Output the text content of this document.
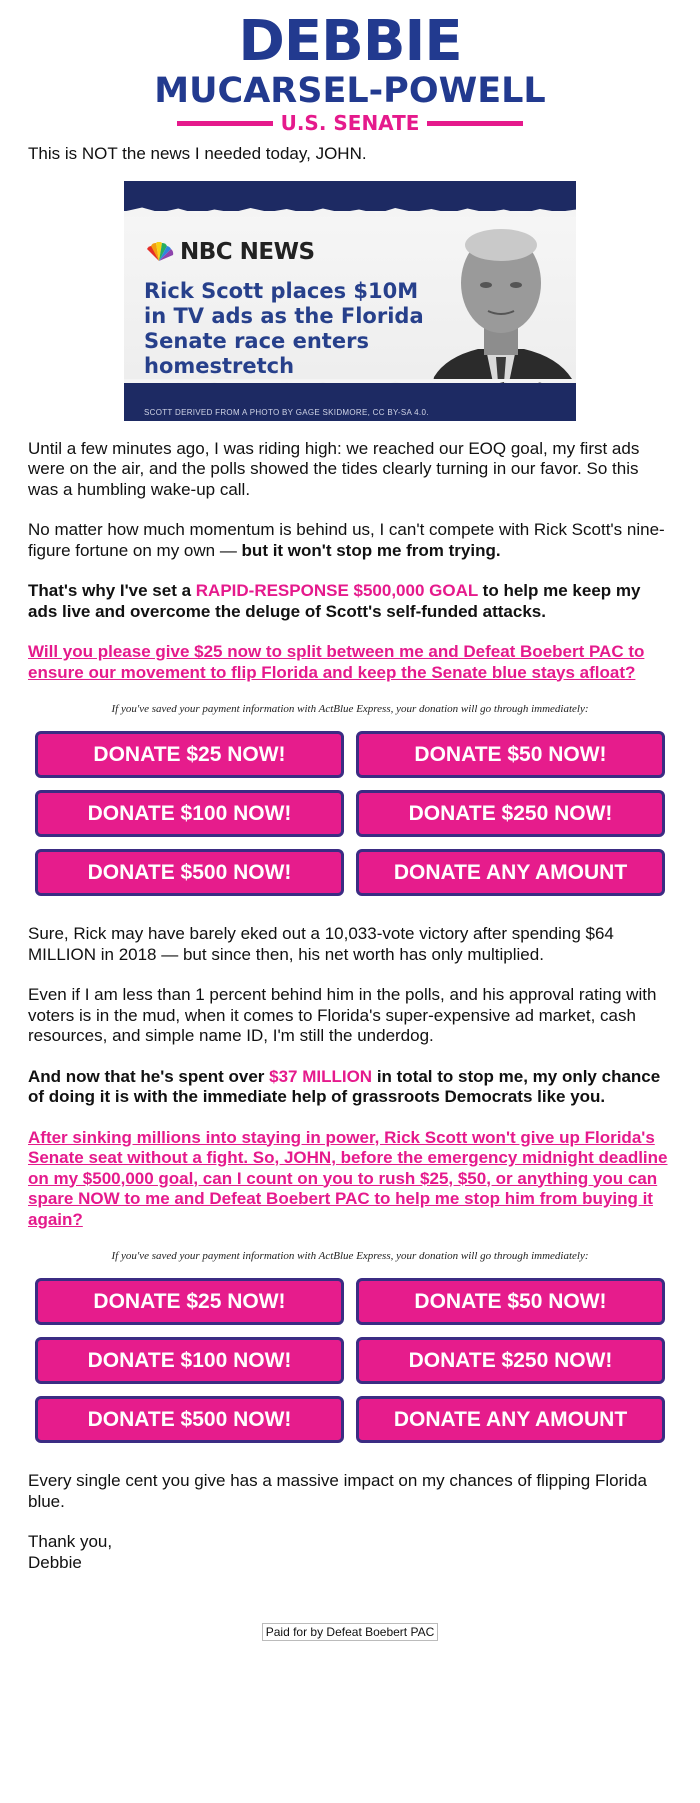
DEBBIE
MUCARSEL-POWELL
U.S. SENATE

This is NOT the news I needed today, JOHN.

NBC NEWS
Rick Scott places $10M in TV ads as the Florida Senate race enters homestretch
SCOTT DERIVED FROM A PHOTO BY GAGE SKIDMORE, CC BY-SA 4.0.

Until a few minutes ago, I was riding high: we reached our EOQ goal, my first ads were on the air, and the polls showed the tides clearly turning in our favor. So this was a humbling wake-up call.

No matter how much momentum is behind us, I can't compete with Rick Scott's nine-figure fortune on my own — but it won't stop me from trying.

That's why I've set a RAPID-RESPONSE $500,000 GOAL to help me keep my ads live and overcome the deluge of Scott's self-funded attacks.

Will you please give $25 now to split between me and Defeat Boebert PAC to ensure our movement to flip Florida and keep the Senate blue stays afloat?

If you've saved your payment information with ActBlue Express, your donation will go through immediately:
DONATE $25 NOW!	DONATE $50 NOW!
DONATE $100 NOW!	DONATE $250 NOW!
DONATE $500 NOW!	DONATE ANY AMOUNT

Sure, Rick may have barely eked out a 10,033-vote victory after spending $64 MILLION in 2018 — but since then, his net worth has only multiplied.

Even if I am less than 1 percent behind him in the polls, and his approval rating with voters is in the mud, when it comes to Florida's super-expensive ad market, cash resources, and simple name ID, I'm still the underdog.

And now that he's spent over $37 MILLION in total to stop me, my only chance of doing it is with the immediate help of grassroots Democrats like you.

After sinking millions into staying in power, Rick Scott won't give up Florida's Senate seat without a fight. So, JOHN, before the emergency midnight deadline on my $500,000 goal, can I count on you to rush $25, $50, or anything you can spare NOW to me and Defeat Boebert PAC to help me stop him from buying it again?

If you've saved your payment information with ActBlue Express, your donation will go through immediately:
DONATE $25 NOW!	DONATE $50 NOW!
DONATE $100 NOW!	DONATE $250 NOW!
DONATE $500 NOW!	DONATE ANY AMOUNT

Every single cent you give has a massive impact on my chances of flipping Florida blue.

Thank you,
Debbie

Paid for by Defeat Boebert PAC
